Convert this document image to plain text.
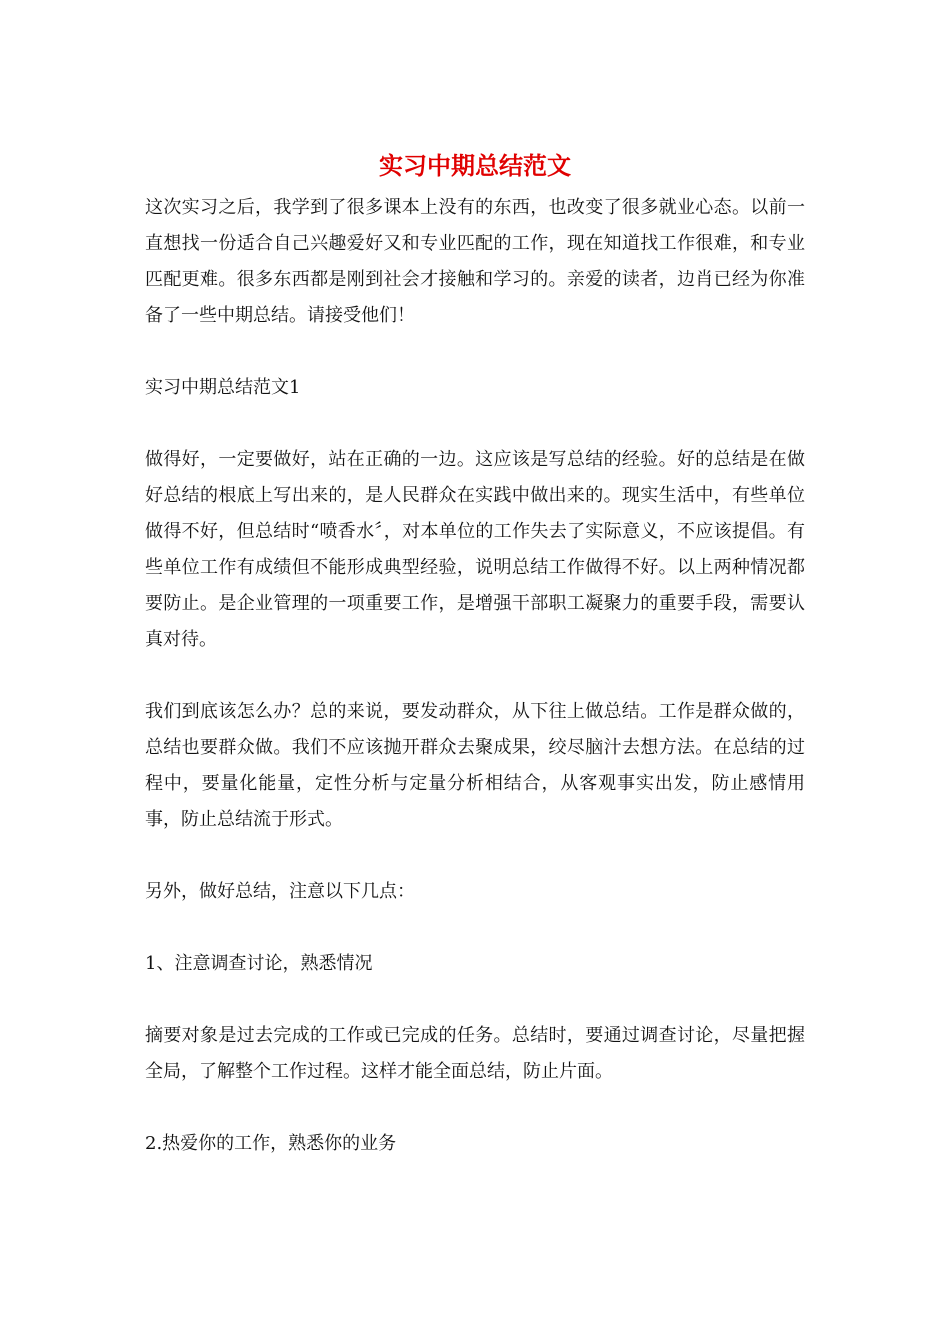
实习中期总结范文

这次实习之后，我学到了很多课本上没有的东西，也改变了很多就业心态。以前一直想找一份适合自己兴趣爱好又和专业匹配的工作，现在知道找工作很难，和专业匹配更难。很多东西都是刚到社会才接触和学习的。亲爱的读者，边肖已经为你准备了一些中期总结。请接受他们！

实习中期总结范文1

做得好，一定要做好，站在正确的一边。这应该是写总结的经验。好的总结是在做好总结的根底上写出来的，是人民群众在实践中做出来的。现实生活中，有些单位做得不好，但总结时“喷香水〞，对本单位的工作失去了实际意义，不应该提倡。有些单位工作有成绩但不能形成典型经验，说明总结工作做得不好。以上两种情况都要防止。是企业管理的一项重要工作，是增强干部职工凝聚力的重要手段，需要认真对待。

我们到底该怎么办？总的来说，要发动群众，从下往上做总结。工作是群众做的，总结也要群众做。我们不应该抛开群众去聚成果，绞尽脑汁去想方法。在总结的过程中，要量化能量，定性分析与定量分析相结合，从客观事实出发，防止感情用事，防止总结流于形式。

另外，做好总结，注意以下几点：

1、注意调查讨论，熟悉情况

摘要对象是过去完成的工作或已完成的任务。总结时，要通过调查讨论，尽量把握全局，了解整个工作过程。这样才能全面总结，防止片面。

2.热爱你的工作，熟悉你的业务
